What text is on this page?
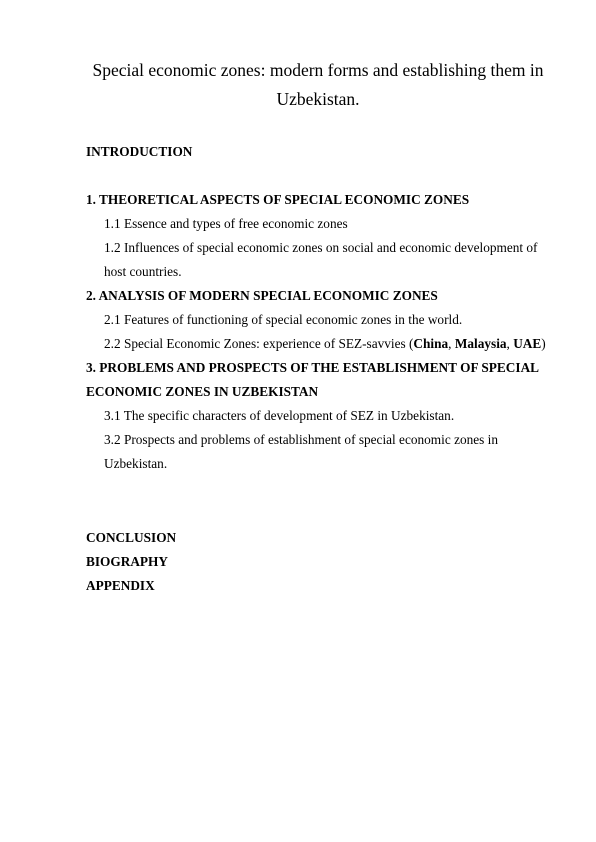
Special economic zones: modern forms and establishing them in Uzbekistan.

INTRODUCTION

1. THEORETICAL ASPECTS OF SPECIAL ECONOMIC ZONES

1.1 Essence and types of free economic zones

1.2 Influences of special economic zones on social and economic development of host countries.

2. ANALYSIS OF MODERN SPECIAL ECONOMIC ZONES

2.1 Features of functioning of special economic zones in the world.

2.2 Special Economic Zones: experience of SEZ-savvies (China, Malaysia, UAE)

3. PROBLEMS AND PROSPECTS OF THE ESTABLISHMENT OF SPECIAL ECONOMIC ZONES IN UZBEKISTAN

3.1 The specific characters of development of SEZ in Uzbekistan.

3.2 Prospects and problems of establishment of special economic zones in Uzbekistan.

CONCLUSION

BIOGRAPHY

APPENDIX
